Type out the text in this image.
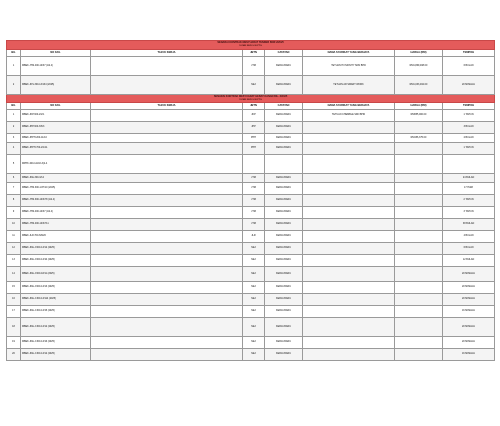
SENARAI KONTRAK MESYUARAT TENDER BOR 2/2025
10 MEI 2025 3:30 PTG							

BIL	NO FAIL	TAJUK KERJA	JBTN	CATATAN	NAMA SYARIKAT YANG BERJAYA	HARGA (RM)	TEMPOH
1	MBEK.JTM.400-10/37 (Jld.4)		JTM	KERJA BARU	TETUAN HI INFINITY SDN BHD	RM1,869,468.00	6 BULAN
2	MBEK.JKS.300-13/134 (2025)		NEJ	KERJA BARU	TETUAN AR SMART WORK	RM1,033,462.00	20 MINGGU

SENARAI KONTRAK MESYUARAT HEBAT KANAN BIL. 3/2025
19 MEI 2025 3:30 PTG							

BIL	NO FAIL	TAJUK KERJA	JBTN	CATATAN	NAMA SYARIKAT YANG BERJAYA	HARGA (RM)	TEMPOH
1	MBEK.JKP.300-2/2/1		JKP	KERJA BARU	TETUAN CHEMBLE SDN BHD	RM655,000.00	1 TAHUN
2	MBEK.JPP.300-3/6/3		JPP	KERJA BARU			3 BULAN
3	MBEK.JPPH.200-11/10		PPH	KERJA BARU		RM156,375.00	2 BULAN
4	MBEK.JPPH.700-2/1/11		PPH	KERJA BARU			1 TAHUN
5	MPPK.400-14/2/2-3(2-4						
6	MBEK.JKE.300-3/14		JTM	KERJA BARU			24 BULAN
7	MBEK.JTM.300-1/37/10 (2025)		JTM	KERJA BARU			17 HARI
8	MBEK.JTM.300-10/37/8 (Jld.4)		JTM	KERJA BARU			2 TAHUN
9	MBEK.JTM.400-10/37 (Jld.4)		JTM	KERJA BARU			3 TAHUN
10	MBEK.JTM.400-10/37/11		JTM	KERJA BARU			38 BULAN
11	MBEK.JLR.700-6/8/20		JLR	KERJA BARU			4 BULAN
12	MBEK.JKE.J.600-13/12 (2025)		NEJ	KERJA BARU			6 BULAN
13	MBEK.JKE.J.600-13/10 (2025)		NEJ	KERJA BARU			12 BULAN
14	MBEK.JKE.J.600-18/11 (2025)		NEJ	KERJA BARU			20 MINGGU
15	MBEK.JKE.J.600-13/13 (2025)		NEJ	KERJA BARU			20 MINGGU
16	MBEK.JKE.J.300-13/114 (2025)		NEJ	KERJA BARU			20 MINGGU
17	MBEK.JKE.J.300-13/15 (2025)		NEJ	KERJA BARU			16 MINGGU
18	MBEK.JKE.J.300-13/12 (2025)		NEJ	KERJA BARU			20 MINGGU
19	MBEK.JKE.J.300-13/16 (2025)		NEJ	KERJA BARU			20 MINGGU
20	MBEK.JKE.J.300-13/12 (2025)		NEJ	KERJA BARU			16 MINGGU
